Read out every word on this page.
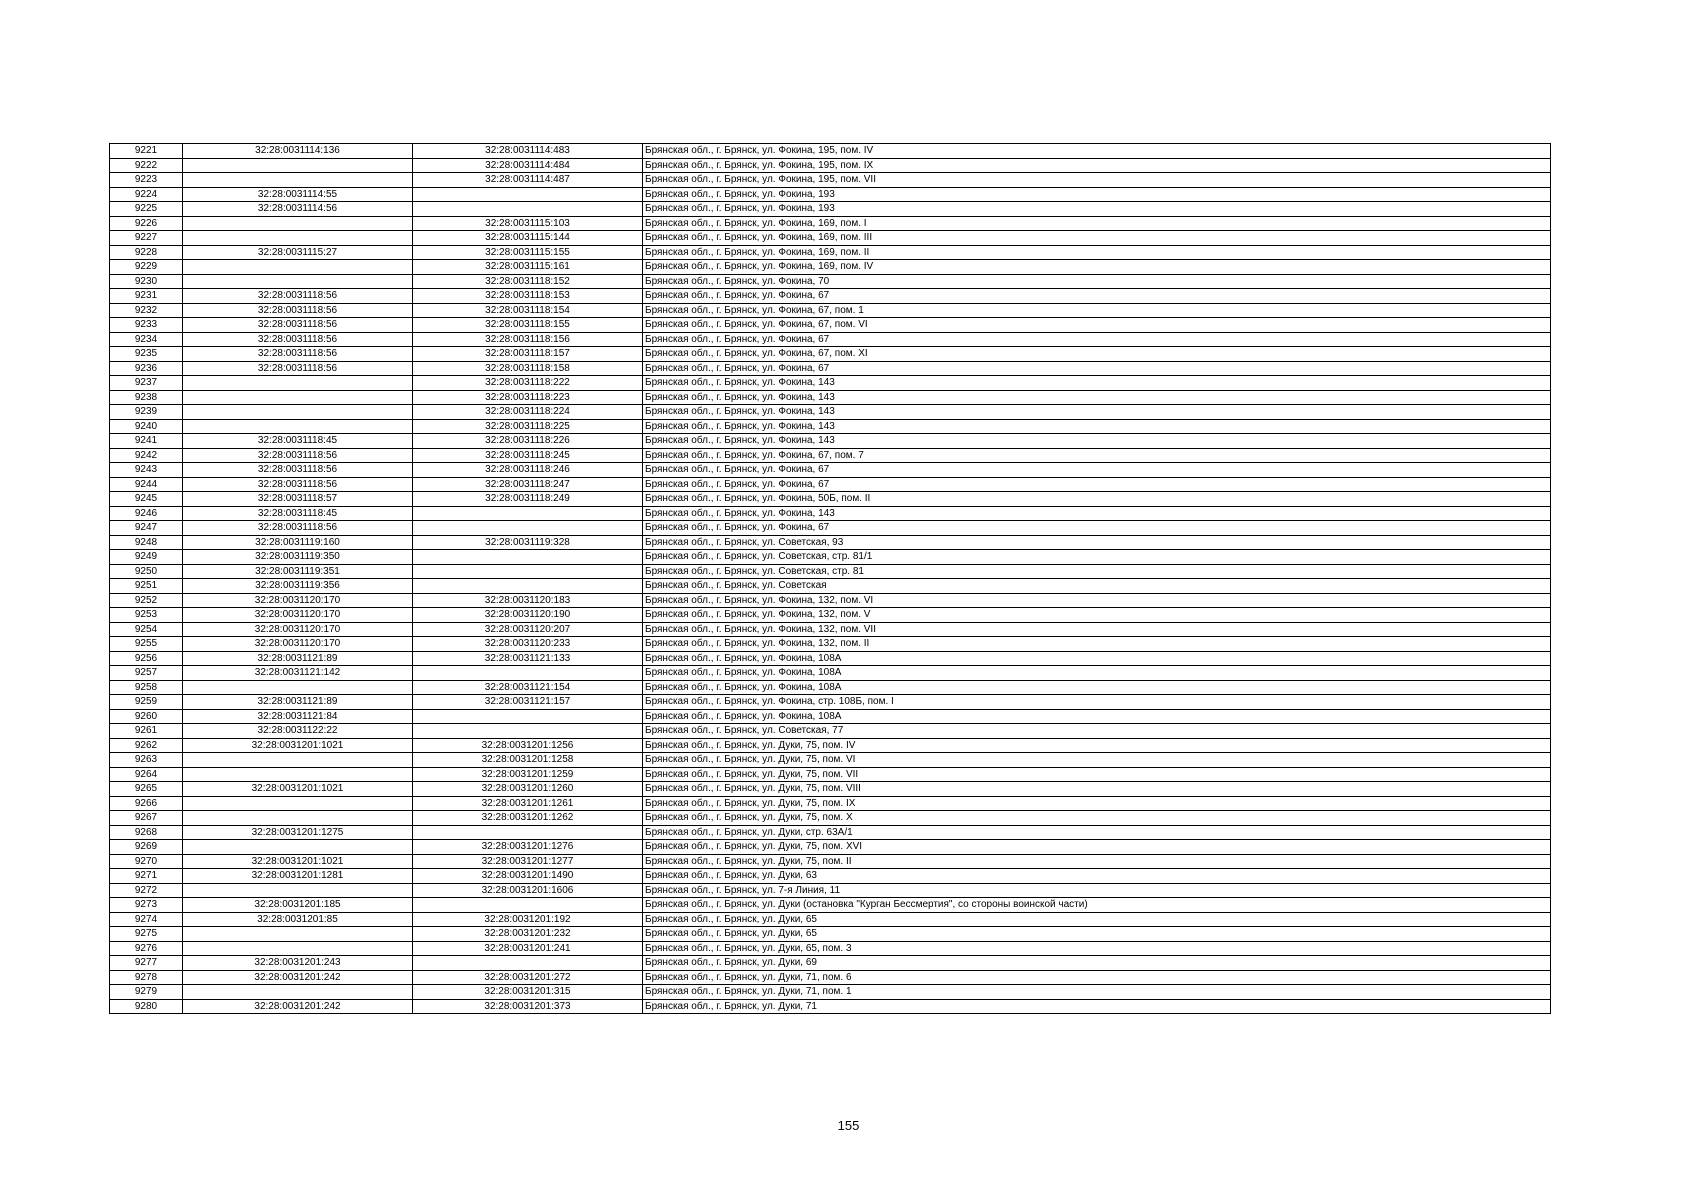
9221	32:28:0031114:136	32:28:0031114:483	Брянская обл., г. Брянск, ул. Фокина, 195, пом. IV
9222		32:28:0031114:484	Брянская обл., г. Брянск, ул. Фокина, 195, пом. IX
9223		32:28:0031114:487	Брянская обл., г. Брянск, ул. Фокина, 195, пом. VII
9224	32:28:0031114:55		Брянская обл., г. Брянск, ул. Фокина, 193
9225	32:28:0031114:56		Брянская обл., г. Брянск, ул. Фокина, 193
9226		32:28:0031115:103	Брянская обл., г. Брянск, ул. Фокина, 169, пом. I
9227		32:28:0031115:144	Брянская обл., г. Брянск, ул. Фокина, 169, пом. III
9228	32:28:0031115:27	32:28:0031115:155	Брянская обл., г. Брянск, ул. Фокина, 169, пом. II
9229		32:28:0031115:161	Брянская обл., г. Брянск, ул. Фокина, 169, пом. IV
9230		32:28:0031118:152	Брянская обл., г. Брянск, ул. Фокина, 70
9231	32:28:0031118:56	32:28:0031118:153	Брянская обл., г. Брянск, ул. Фокина, 67
9232	32:28:0031118:56	32:28:0031118:154	Брянская обл., г. Брянск, ул. Фокина, 67, пом. 1
9233	32:28:0031118:56	32:28:0031118:155	Брянская обл., г. Брянск, ул. Фокина, 67, пом. VI
9234	32:28:0031118:56	32:28:0031118:156	Брянская обл., г. Брянск, ул. Фокина, 67
9235	32:28:0031118:56	32:28:0031118:157	Брянская обл., г. Брянск, ул. Фокина, 67, пом. XI
9236	32:28:0031118:56	32:28:0031118:158	Брянская обл., г. Брянск, ул. Фокина, 67
9237		32:28:0031118:222	Брянская обл., г. Брянск, ул. Фокина, 143
9238		32:28:0031118:223	Брянская обл., г. Брянск, ул. Фокина, 143
9239		32:28:0031118:224	Брянская обл., г. Брянск, ул. Фокина, 143
9240		32:28:0031118:225	Брянская обл., г. Брянск, ул. Фокина, 143
9241	32:28:0031118:45	32:28:0031118:226	Брянская обл., г. Брянск, ул. Фокина, 143
9242	32:28:0031118:56	32:28:0031118:245	Брянская обл., г. Брянск, ул. Фокина, 67, пом. 7
9243	32:28:0031118:56	32:28:0031118:246	Брянская обл., г. Брянск, ул. Фокина, 67
9244	32:28:0031118:56	32:28:0031118:247	Брянская обл., г. Брянск, ул. Фокина, 67
9245	32:28:0031118:57	32:28:0031118:249	Брянская обл., г. Брянск, ул. Фокина, 50Б, пом. II
9246	32:28:0031118:45		Брянская обл., г. Брянск, ул. Фокина, 143
9247	32:28:0031118:56		Брянская обл., г. Брянск, ул. Фокина, 67
9248	32:28:0031119:160	32:28:0031119:328	Брянская обл., г. Брянск, ул. Советская, 93
9249	32:28:0031119:350		Брянская обл., г. Брянск, ул. Советская, стр. 81/1
9250	32:28:0031119:351		Брянская обл., г. Брянск, ул. Советская, стр. 81
9251	32:28:0031119:356		Брянская обл., г. Брянск, ул. Советская
9252	32:28:0031120:170	32:28:0031120:183	Брянская обл., г. Брянск, ул. Фокина, 132, пом. VI
9253	32:28:0031120:170	32:28:0031120:190	Брянская обл., г. Брянск, ул. Фокина, 132, пом. V
9254	32:28:0031120:170	32:28:0031120:207	Брянская обл., г. Брянск, ул. Фокина, 132, пом. VII
9255	32:28:0031120:170	32:28:0031120:233	Брянская обл., г. Брянск, ул. Фокина, 132, пом. II
9256	32:28:0031121:89	32:28:0031121:133	Брянская обл., г. Брянск, ул. Фокина, 108А
9257	32:28:0031121:142		Брянская обл., г. Брянск, ул. Фокина, 108А
9258		32:28:0031121:154	Брянская обл., г. Брянск, ул. Фокина, 108А
9259	32:28:0031121:89	32:28:0031121:157	Брянская обл., г. Брянск, ул. Фокина, стр. 108Б, пом. I
9260	32:28:0031121:84		Брянская обл., г. Брянск, ул. Фокина, 108А
9261	32:28:0031122:22		Брянская обл., г. Брянск, ул. Советская, 77
9262	32:28:0031201:1021	32:28:0031201:1256	Брянская обл., г. Брянск, ул. Дуки, 75, пом. IV
9263		32:28:0031201:1258	Брянская обл., г. Брянск, ул. Дуки, 75, пом. VI
9264		32:28:0031201:1259	Брянская обл., г. Брянск, ул. Дуки, 75, пом. VII
9265	32:28:0031201:1021	32:28:0031201:1260	Брянская обл., г. Брянск, ул. Дуки, 75, пом. VIII
9266		32:28:0031201:1261	Брянская обл., г. Брянск, ул. Дуки, 75, пом. IX
9267		32:28:0031201:1262	Брянская обл., г. Брянск, ул. Дуки, 75, пом. X
9268	32:28:0031201:1275		Брянская обл., г. Брянск, ул. Дуки, стр. 63А/1
9269		32:28:0031201:1276	Брянская обл., г. Брянск, ул. Дуки, 75, пом. XVI
9270	32:28:0031201:1021	32:28:0031201:1277	Брянская обл., г. Брянск, ул. Дуки, 75, пом. II
9271	32:28:0031201:1281	32:28:0031201:1490	Брянская обл., г. Брянск, ул. Дуки, 63
9272		32:28:0031201:1606	Брянская обл., г. Брянск, ул. 7-я Линия, 11
9273	32:28:0031201:185		Брянская обл., г. Брянск, ул. Дуки (остановка "Курган Бессмертия", со стороны воинской части)
9274	32:28:0031201:85	32:28:0031201:192	Брянская обл., г. Брянск, ул. Дуки, 65
9275		32:28:0031201:232	Брянская обл., г. Брянск, ул. Дуки, 65
9276		32:28:0031201:241	Брянская обл., г. Брянск, ул. Дуки, 65, пом. 3
9277	32:28:0031201:243		Брянская обл., г. Брянск, ул. Дуки, 69
9278	32:28:0031201:242	32:28:0031201:272	Брянская обл., г. Брянск, ул. Дуки, 71, пом. 6
9279		32:28:0031201:315	Брянская обл., г. Брянск, ул. Дуки, 71, пом. 1
9280	32:28:0031201:242	32:28:0031201:373	Брянская обл., г. Брянск, ул. Дуки, 71
155
